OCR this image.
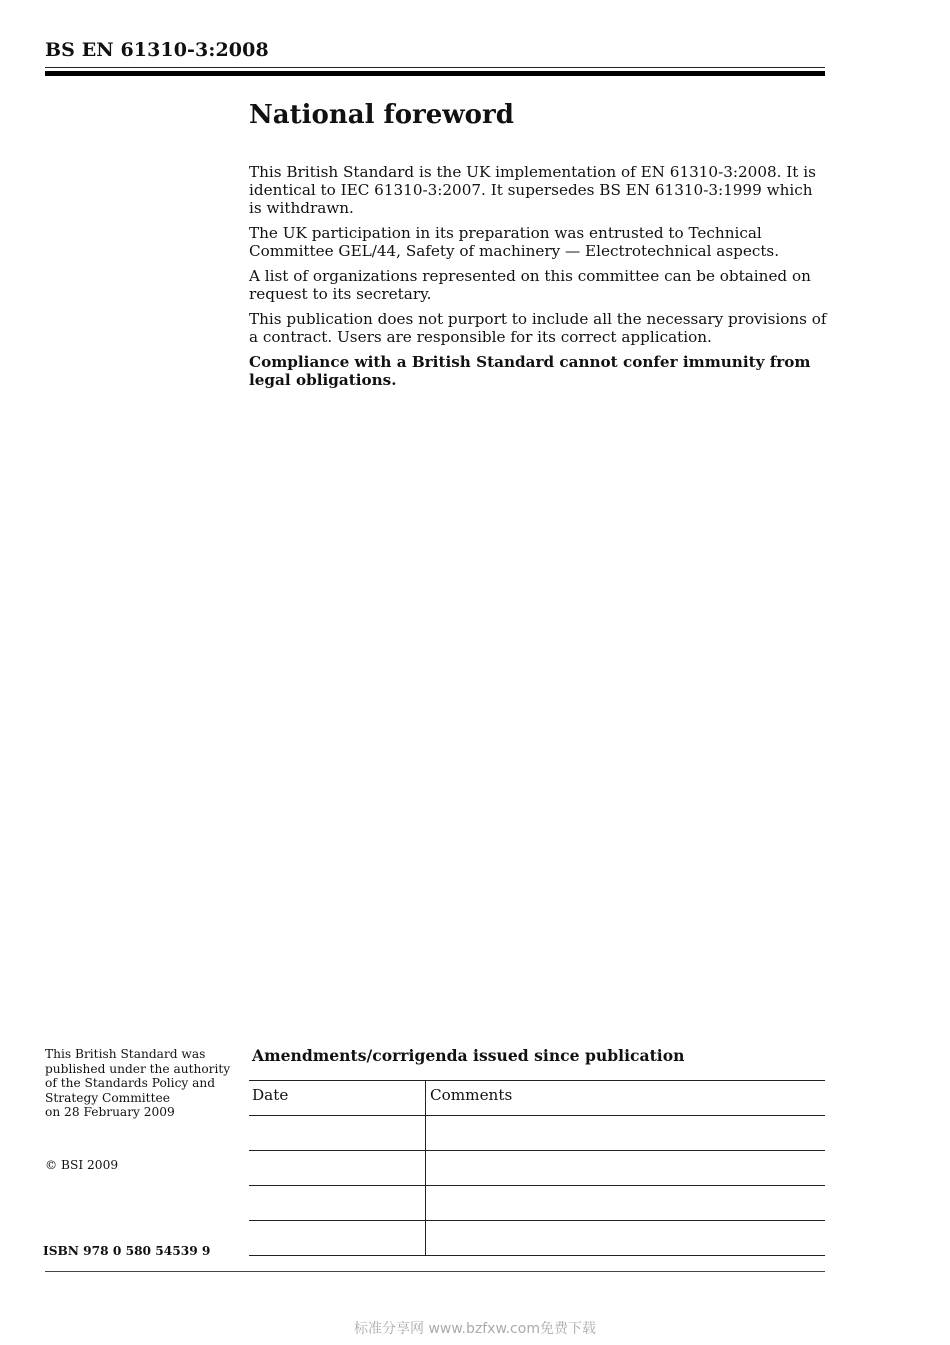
BS EN 61310-3:2008
National foreword

This British Standard is the UK implementation of EN 61310-3:2008. It is identical to IEC 61310-3:2007. It supersedes BS EN 61310-3:1999 which is withdrawn.

The UK participation in its preparation was entrusted to Technical Committee GEL/44, Safety of machinery — Electrotechnical aspects.

A list of organizations represented on this committee can be obtained on request to its secretary.

This publication does not purport to include all the necessary provisions of a contract. Users are responsible for its correct application.

Compliance with a British Standard cannot confer immunity from legal obligations.

This British Standard was
published under the authority
of the Standards Policy and
Strategy Committee
on 28 February 2009
© BSI 2009
ISBN 978 0 580 54539 9
Amendments/corrigenda issued since publication
Date	Comments

标准分享网 www.bzfxw.com免费下载
